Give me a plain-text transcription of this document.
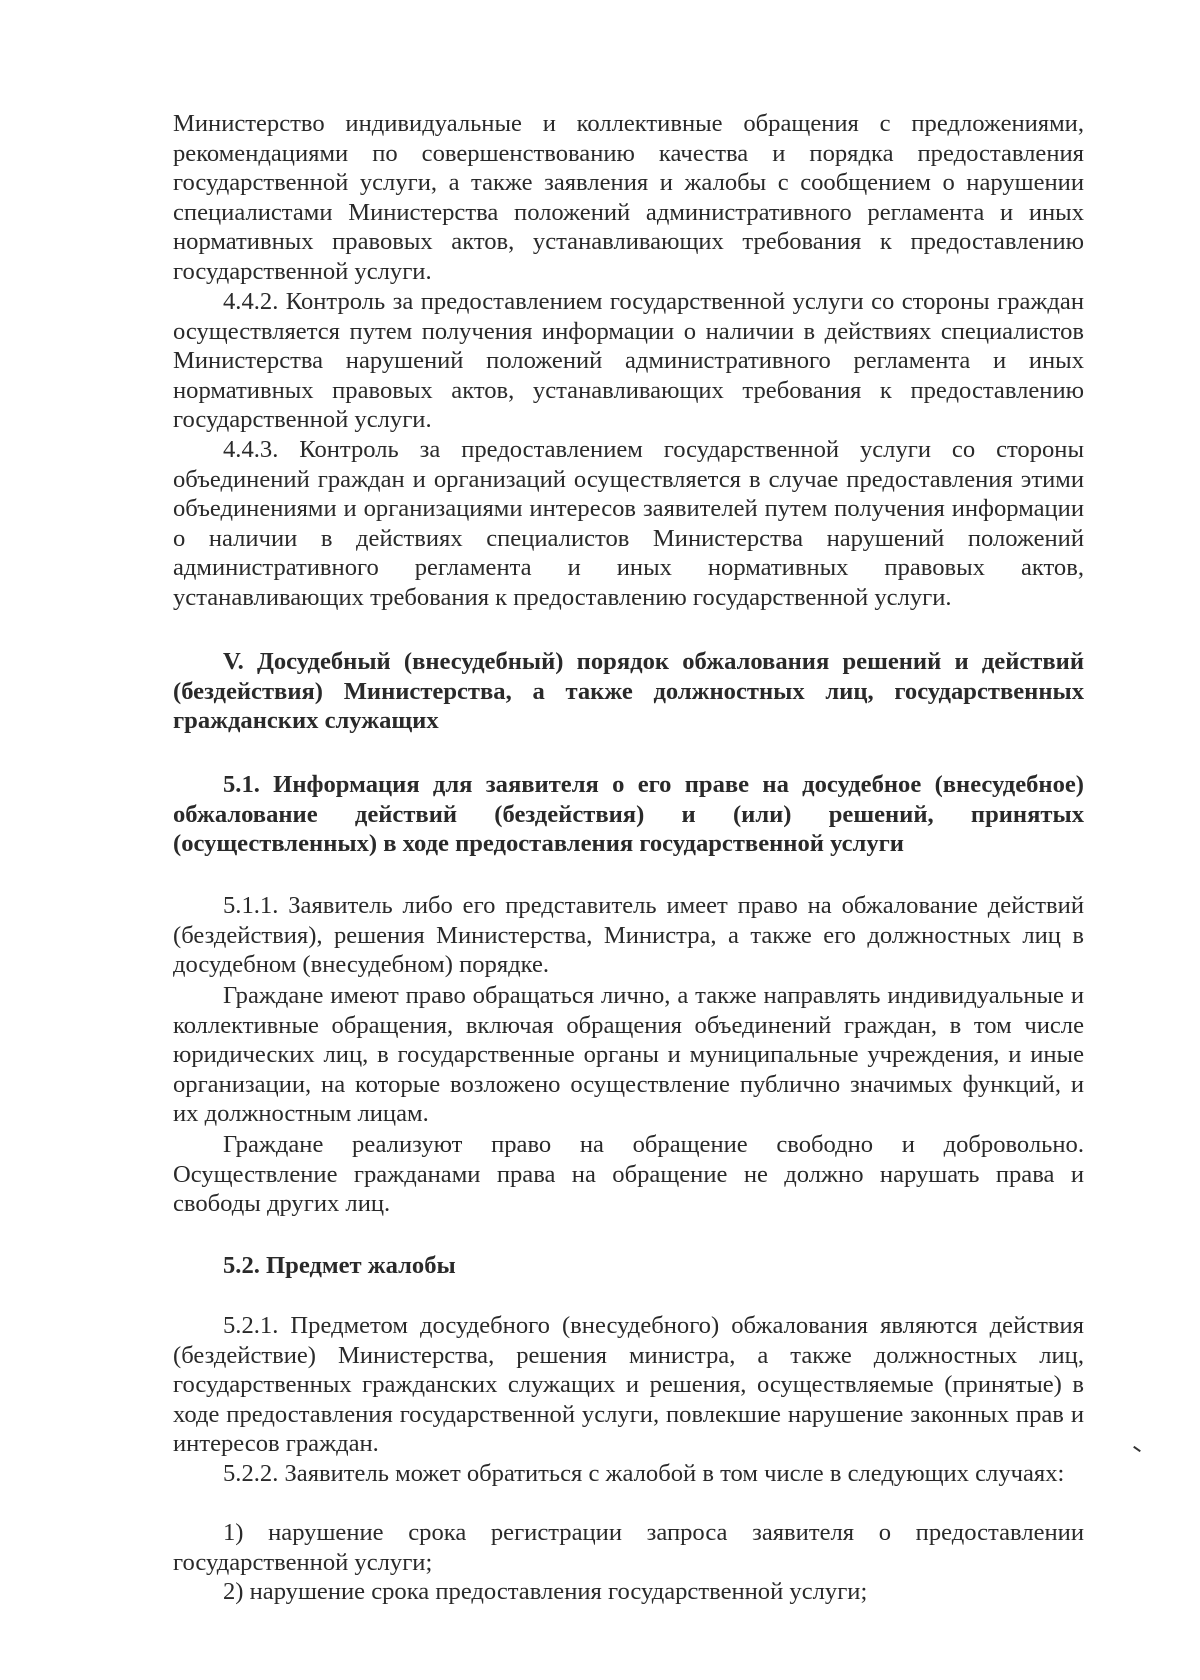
Министерство индивидуальные и коллективные обращения с предложениями, рекомендациями по совершенствованию качества и порядка предоставления государственной услуги, а также заявления и жалобы с сообщением о нарушении специалистами Министерства положений административного регламента и иных нормативных правовых актов, устанавливающих требования к предоставлению государственной услуги.

4.4.2. Контроль за предоставлением государственной услуги со стороны граждан осуществляется путем получения информации о наличии в действиях специалистов Министерства нарушений положений административного регламента и иных нормативных правовых актов, устанавливающих требования к предоставлению государственной услуги.

4.4.3. Контроль за предоставлением государственной услуги со стороны объединений граждан и организаций осуществляется в случае предоставления этими объединениями и организациями интересов заявителей путем получения информации о наличии в действиях специалистов Министерства нарушений положений административного регламента и иных нормативных правовых актов, устанавливающих требования к предоставлению государственной услуги.

V. Досудебный (внесудебный) порядок обжалования решений и действий (бездействия) Министерства, а также должностных лиц, государственных гражданских служащих

5.1. Информация для заявителя о его праве на досудебное (внесудебное) обжалование действий (бездействия) и (или) решений, принятых (осуществленных) в ходе предоставления государственной услуги

5.1.1. Заявитель либо его представитель имеет право на обжалование действий (бездействия), решения Министерства, Министра, а также его должностных лиц в досудебном (внесудебном) порядке.

Граждане имеют право обращаться лично, а также направлять индивидуальные и коллективные обращения, включая обращения объединений граждан, в том числе юридических лиц, в государственные органы и муниципальные учреждения, и иные организации, на которые возложено осуществление публично значимых функций, и их должностным лицам.

Граждане реализуют право на обращение свободно и добровольно. Осуществление гражданами права на обращение не должно нарушать права и свободы других лиц.

5.2. Предмет жалобы

5.2.1. Предметом досудебного (внесудебного) обжалования являются действия (бездействие) Министерства, решения министра, а также должностных лиц, государственных гражданских служащих и решения, осуществляемые (принятые) в ходе предоставления государственной услуги, повлекшие нарушение законных прав и интересов граждан.

5.2.2. Заявитель может обратиться с жалобой в том числе в следующих случаях:

1) нарушение срока регистрации запроса заявителя о предоставлении государственной услуги;

2) нарушение срока предоставления государственной услуги;
